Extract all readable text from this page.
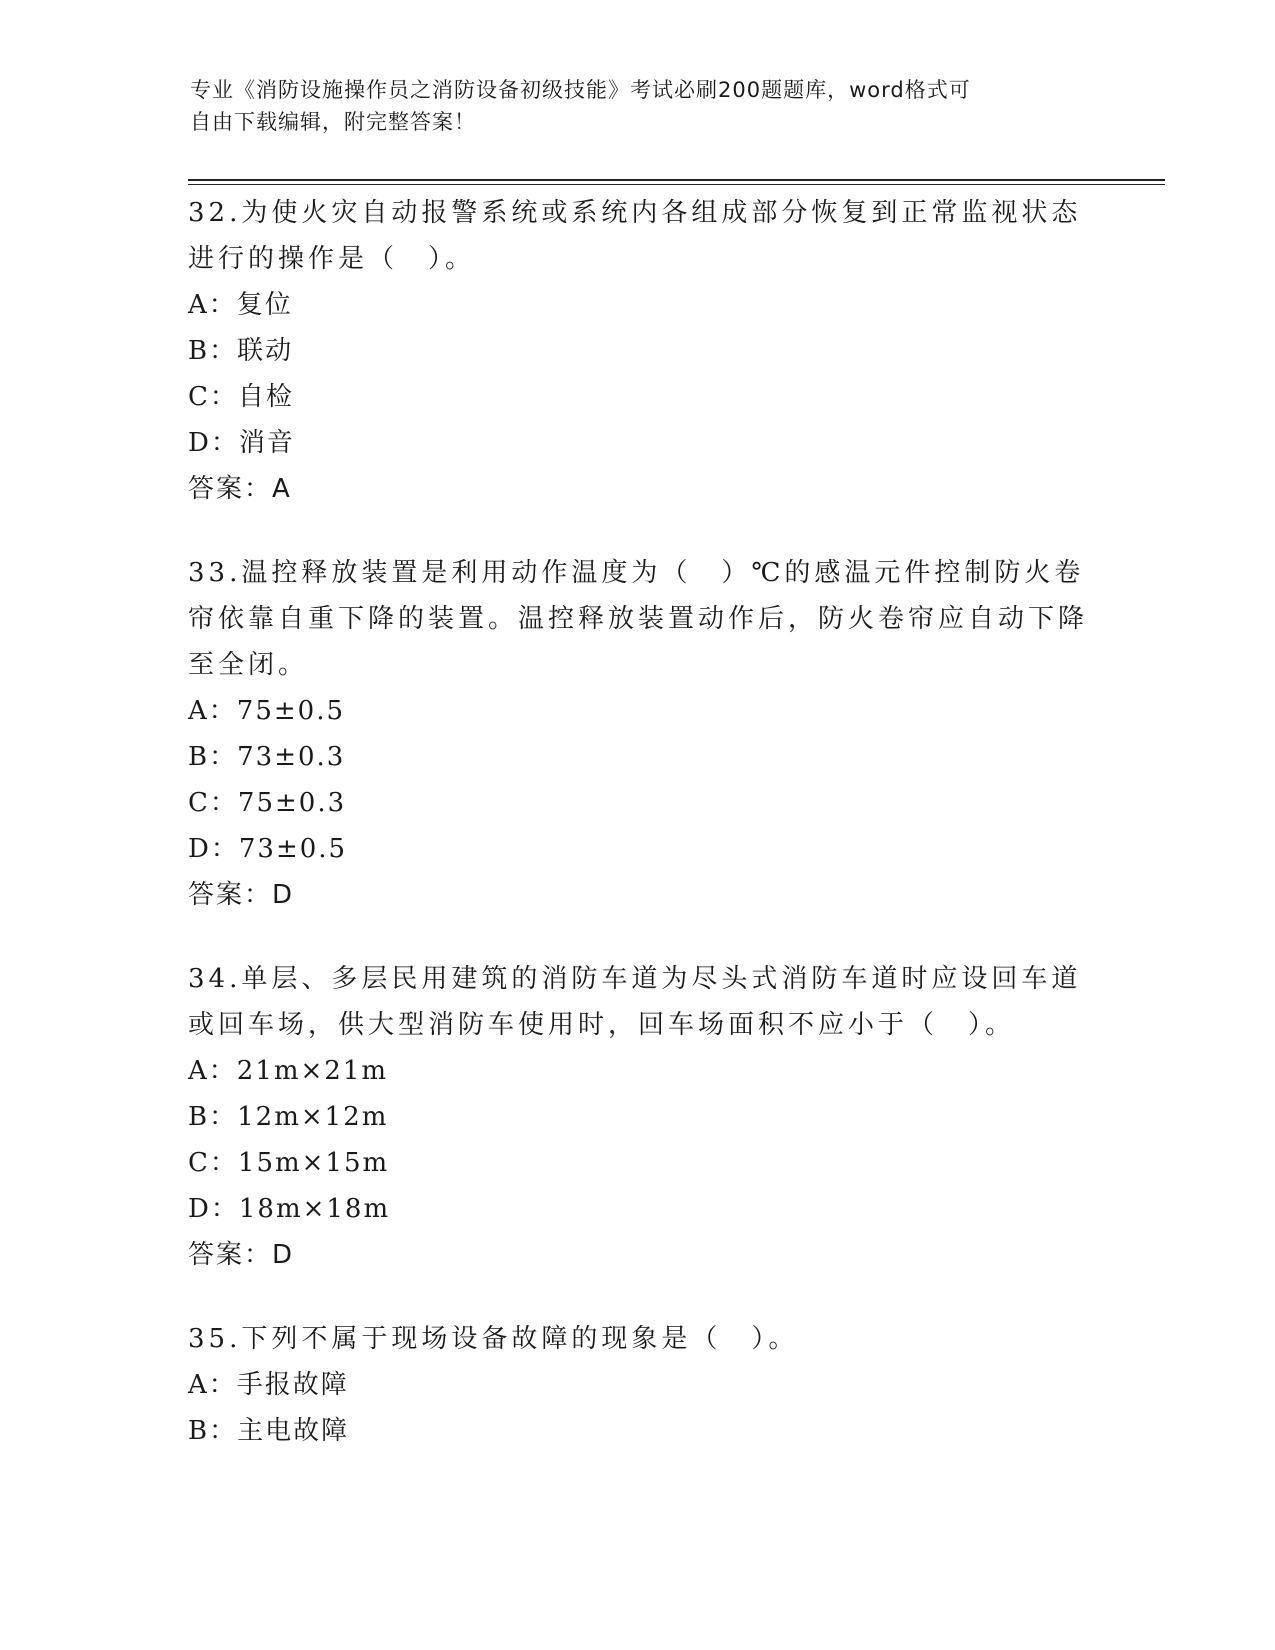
专业《消防设施操作员之消防设备初级技能》考试必刷200题题库，word格式可
自由下载编辑，附完整答案！

32.为使火灾自动报警系统或系统内各组成部分恢复到正常监视状态进行的操作是（　）。

A：复位

B：联动

C：自检

D：消音

答案：A

33.温控释放装置是利用动作温度为（　）℃的感温元件控制防火卷帘依靠自重下降的装置。温控释放装置动作后，防火卷帘应自动下降至全闭。

A：75±0.5

B：73±0.3

C：75±0.3

D：73±0.5

答案：D

34.单层、多层民用建筑的消防车道为尽头式消防车道时应设回车道或回车场，供大型消防车使用时，回车场面积不应小于（　）。

A：21m×21m

B：12m×12m

C：15m×15m

D：18m×18m

答案：D

35.下列不属于现场设备故障的现象是（　）。

A：手报故障

B：主电故障
